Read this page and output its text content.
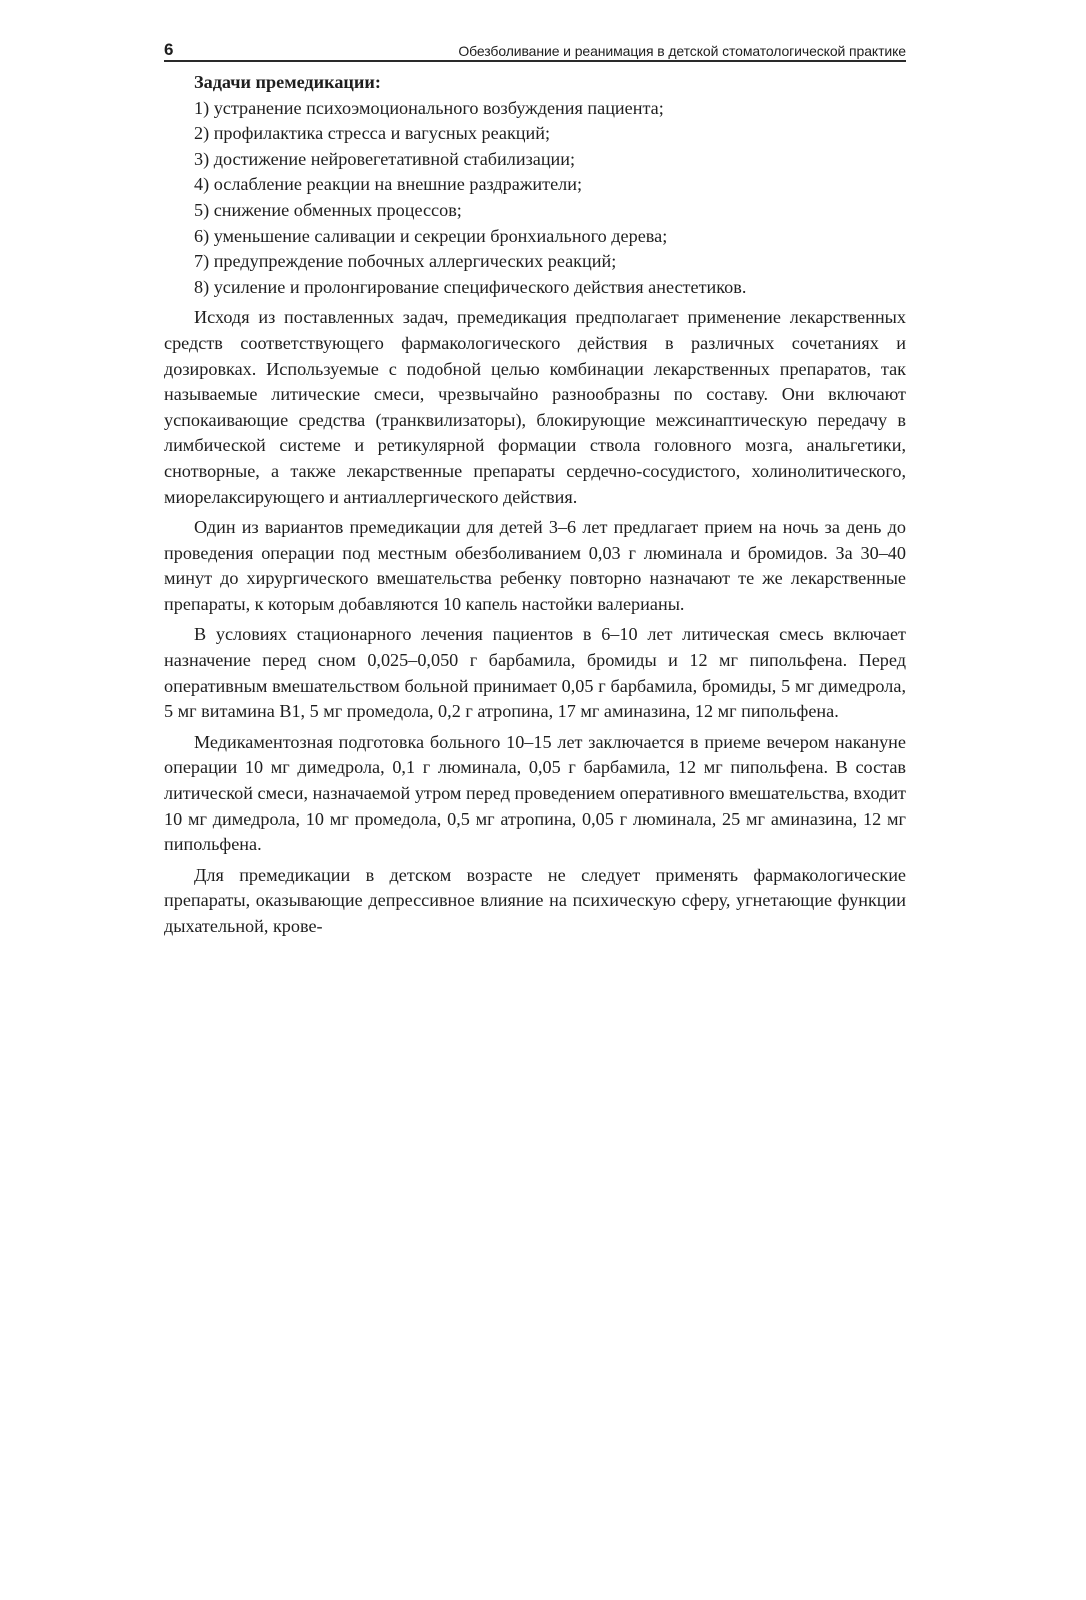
6	Обезболивание и реанимация в детской стоматологической практике

Задачи премедикации:

1) устранение психоэмоционального возбуждения пациента;
2) профилактика стресса и вагусных реакций;
3) достижение нейровегетативной стабилизации;
4) ослабление реакции на внешние раздражители;
5) снижение обменных процессов;
6) уменьшение саливации и секреции бронхиального дерева;
7) предупреждение побочных аллергических реакций;
8) усиление и пролонгирование специфического действия анестетиков.

Исходя из поставленных задач, премедикация предполагает применение лекарственных средств соответствующего фармакологического действия в различных сочетаниях и дозировках. Используемые с подобной целью комбинации лекарственных препаратов, так называемые литические смеси, чрезвычайно разнообразны по составу. Они включают успокаивающие средства (транквилизаторы), блокирующие межсинаптическую передачу в лимбической системе и ретикулярной формации ствола головного мозга, анальгетики, снотворные, а также лекарственные препараты сердечно-сосудистого, холинолитического, миорелаксирующего и антиаллергического действия.

Один из вариантов премедикации для детей 3–6 лет предлагает прием на ночь за день до проведения операции под местным обезболиванием 0,03 г люминала и бромидов. За 30–40 минут до хирургического вмешательства ребенку повторно назначают те же лекарственные препараты, к которым добавляются 10 капель настойки валерианы.

В условиях стационарного лечения пациентов в 6–10 лет литическая смесь включает назначение перед сном 0,025–0,050 г барбамила, бромиды и 12 мг пипольфена. Перед оперативным вмешательством больной принимает 0,05 г барбамила, бромиды, 5 мг димедрола, 5 мг витамина B1, 5 мг промедола, 0,2 г атропина, 17 мг аминазина, 12 мг пипольфена.

Медикаментозная подготовка больного 10–15 лет заключается в приеме вечером накануне операции 10 мг димедрола, 0,1 г люминала, 0,05 г барбамила, 12 мг пипольфена. В состав литической смеси, назначаемой утром перед проведением оперативного вмешательства, входит 10 мг димедрола, 10 мг промедола, 0,5 мг атропина, 0,05 г люминала, 25 мг аминазина, 12 мг пипольфена.

Для премедикации в детском возрасте не следует применять фармакологические препараты, оказывающие депрессивное влияние на психическую сферу, угнетающие функции дыхательной, крове-
